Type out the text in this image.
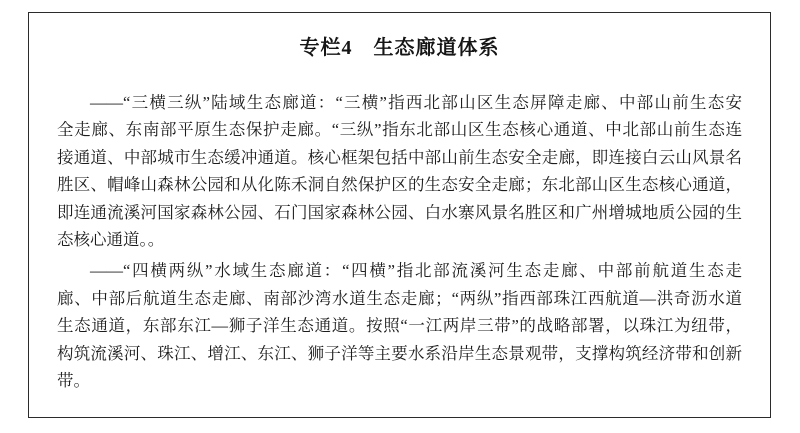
专栏4　生态廊道体系

——“三横三纵”陆域生态廊道：“三横”指西北部山区生态屏障走廊、中部山前生态安
全走廊、东南部平原生态保护走廊。“三纵”指东北部山区生态核心通道、中北部山前生态连
接通道、中部城市生态缓冲通道。核心框架包括中部山前生态安全走廊，即连接白云山风景名
胜区、帽峰山森林公园和从化陈禾洞自然保护区的生态安全走廊；东北部山区生态核心通道，
即连通流溪河国家森林公园、石门国家森林公园、白水寨风景名胜区和广州增城地质公园的生
态核心通道。。

——“四横两纵”水域生态廊道：“四横”指北部流溪河生态走廊、中部前航道生态走
廊、中部后航道生态走廊、南部沙湾水道生态走廊；“两纵”指西部珠江西航道—洪奇沥水道
生态通道，东部东江—狮子洋生态通道。按照“一江两岸三带”的战略部署，以珠江为纽带，
构筑流溪河、珠江、增江、东江、狮子洋等主要水系沿岸生态景观带，支撑构筑经济带和创新
带。
